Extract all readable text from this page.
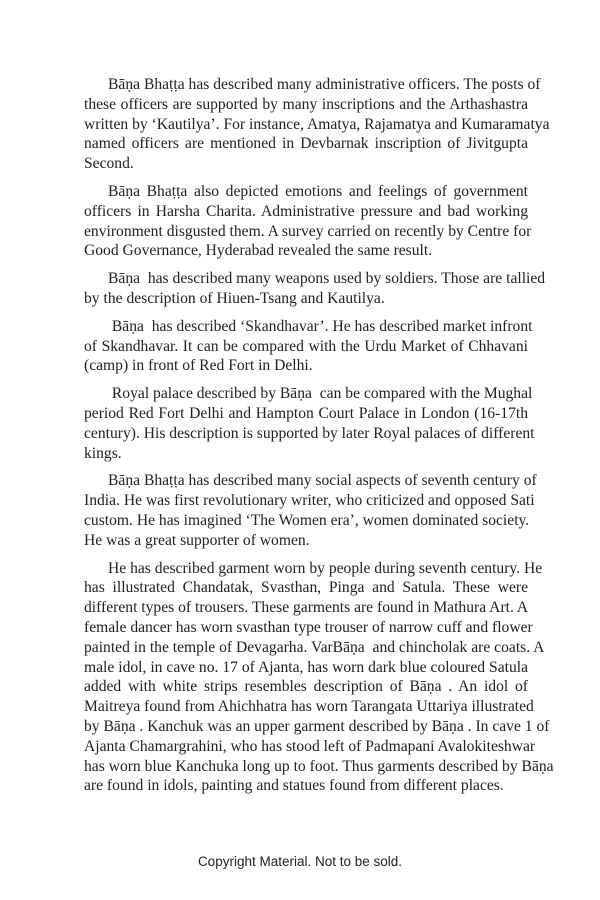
Bāṇa Bhaṭṭa has described many administrative officers. The posts of
these officers are supported by many inscriptions and the Arthashastra
written by ‘Kautilya’. For instance, Amatya, Rajamatya and Kumaramatya
named officers are mentioned in Devbarnak inscription of Jivitgupta
Second.
Bāṇa Bhaṭṭa also depicted emotions and feelings of government
officers in Harsha Charita. Administrative pressure and bad working
environment disgusted them. A survey carried on recently by Centre for
Good Governance, Hyderabad revealed the same result.
Bāṇa  has described many weapons used by soldiers. Those are tallied
by the description of Hiuen-Tsang and Kautilya.
Bāṇa  has described ‘Skandhavar’. He has described market infront
of Skandhavar. It can be compared with the Urdu Market of Chhavani
(camp) in front of Red Fort in Delhi.
Royal palace described by Bāṇa  can be compared with the Mughal
period Red Fort Delhi and Hampton Court Palace in London (16-17th
century). His description is supported by later Royal palaces of different
kings.
Bāṇa Bhaṭṭa has described many social aspects of seventh century of
India. He was first revolutionary writer, who criticized and opposed Sati
custom. He has imagined ‘The Women era’, women dominated society.
He was a great supporter of women.
He has described garment worn by people during seventh century. He
has illustrated Chandatak, Svasthan, Pinga and Satula. These were
different types of trousers. These garments are found in Mathura Art. A
female dancer has worn svasthan type trouser of narrow cuff and flower
painted in the temple of Devagarha. VarBāṇa  and chincholak are coats. A
male idol, in cave no. 17 of Ajanta, has worn dark blue coloured Satula
added with white strips resembles description of Bāṇa . An idol of
Maitreya found from Ahichhatra has worn Tarangata Uttariya illustrated
by Bāṇa . Kanchuk was an upper garment described by Bāṇa . In cave 1 of
Ajanta Chamargrahini, who has stood left of Padmapani Avalokiteshwar
has worn blue Kanchuka long up to foot. Thus garments described by Bāṇa
are found in idols, painting and statues found from different places.
Copyright Material. Not to be sold.
